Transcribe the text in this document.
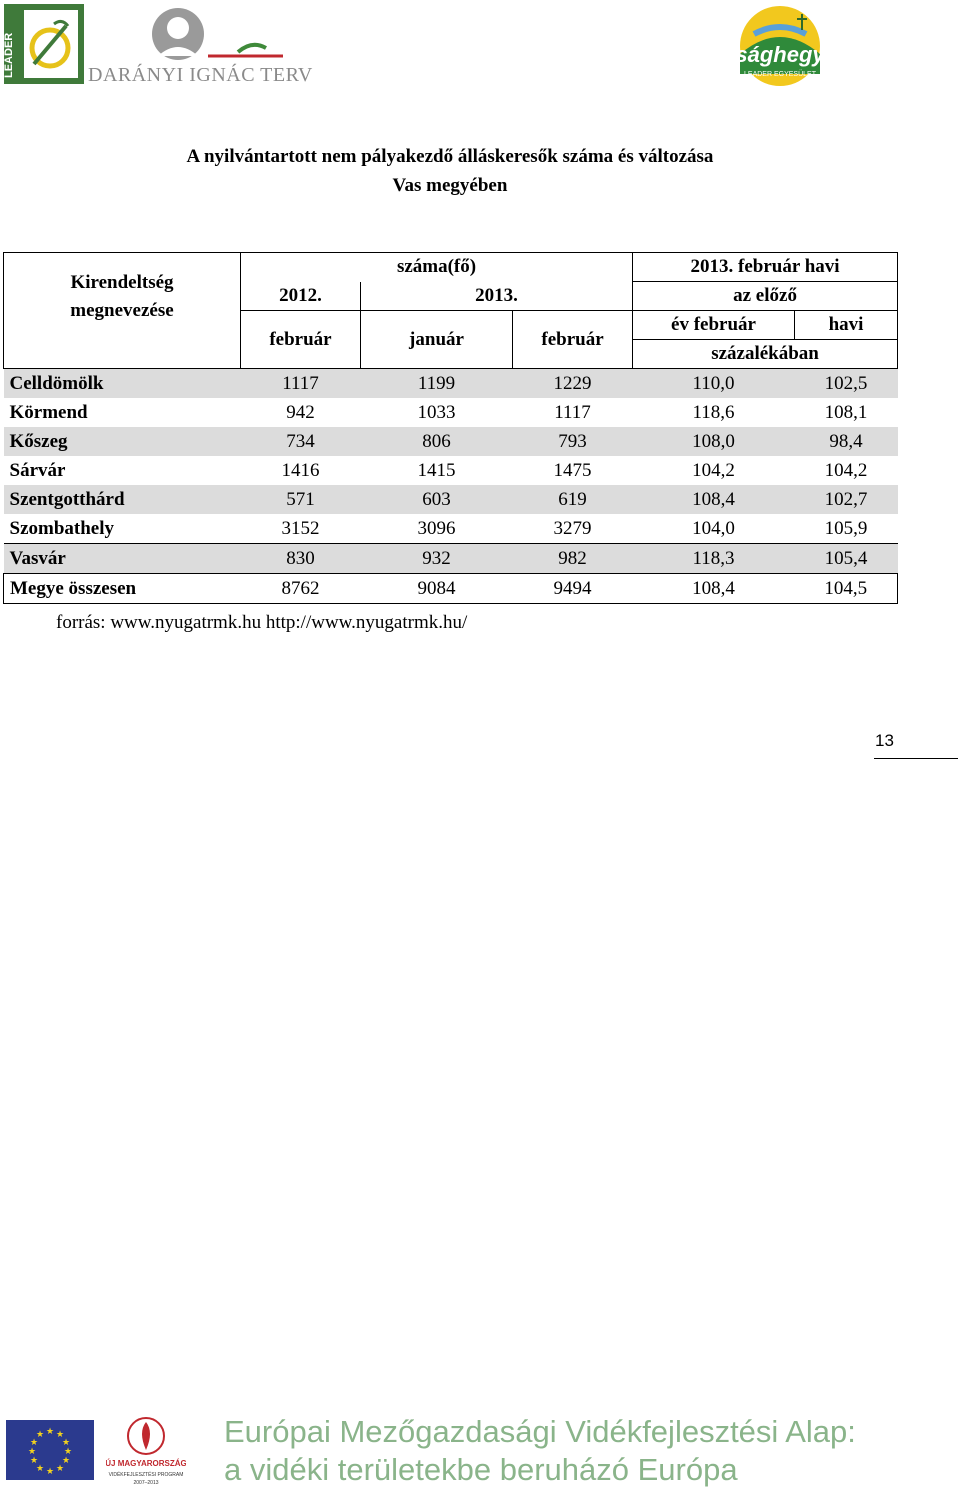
LEADER	DARÁNYI IGNÁC TERV
sághegy
LEADER EGYESÜLET
A nyilvántartott nem pályakezdő álláskeresők száma és változása
Vas megyében
Kirendeltség
megnevezése	száma(fő)			2013. február havi	
	2012.	2013.		az előző	
	február	január	február	év február	havi
				százalékában	
Celldömölk	1117	1199	1229	110,0	102,5
Körmend	942	1033	1117	118,6	108,1
Kőszeg	734	806	793	108,0	98,4
Sárvár	1416	1415	1475	104,2	104,2
Szentgotthárd	571	603	619	108,4	102,7
Szombathely	3152	3096	3279	104,0	105,9
Vasvár	830	932	982	118,3	105,4
Megye összesen	8762	9084	9494	108,4	104,5
forrás: www.nyugatrmk.hu http://www.nyugatrmk.hu/
13
★ ★
★
★
★
★
★
★
★
★
★
★
ÚJ MAGYARORSZÁG
VIDÉKFEJLESZTÉSI PROGRAM
2007–2013
Európai Mezőgazdasági Vidékfejlesztési Alap:
a vidéki területekbe beruházó Európa
